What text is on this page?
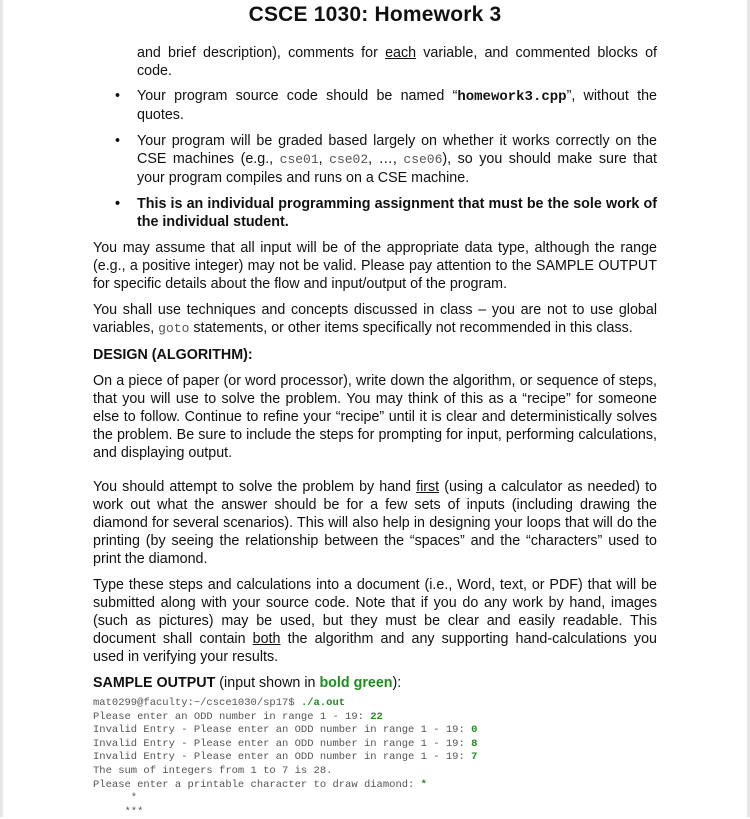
CSCE 1030: Homework 3

and brief description), comments for each variable, and commented blocks of code.

• Your program source code should be named “homework3.cpp”, without the quotes.

• Your program will be graded based largely on whether it works correctly on the CSE machines (e.g., cse01, cse02, …, cse06), so you should make sure that your program compiles and runs on a CSE machine.

• This is an individual programming assignment that must be the sole work of the individual student.

You may assume that all input will be of the appropriate data type, although the range (e.g., a positive integer) may not be valid. Please pay attention to the SAMPLE OUTPUT for specific details about the flow and input/output of the program.

You shall use techniques and concepts discussed in class – you are not to use global variables, goto statements, or other items specifically not recommended in this class.

DESIGN (ALGORITHM):

On a piece of paper (or word processor), write down the algorithm, or sequence of steps, that you will use to solve the problem. You may think of this as a “recipe” for someone else to follow. Continue to refine your “recipe” until it is clear and deterministically solves the problem. Be sure to include the steps for prompting for input, performing calculations, and displaying output.

You should attempt to solve the problem by hand first (using a calculator as needed) to work out what the answer should be for a few sets of inputs (including drawing the diamond for several scenarios). This will also help in designing your loops that will do the printing (by seeing the relationship between the “spaces” and the “characters” used to print the diamond.

Type these steps and calculations into a document (i.e., Word, text, or PDF) that will be submitted along with your source code. Note that if you do any work by hand, images (such as pictures) may be used, but they must be clear and easily readable. This document shall contain both the algorithm and any supporting hand-calculations you used in verifying your results.

SAMPLE OUTPUT (input shown in bold green):

mat0299@faculty:~/csce1030/sp17$ ./a.out
Please enter an ODD number in range 1 - 19: 22
Invalid Entry - Please enter an ODD number in range 1 - 19: 0
Invalid Entry - Please enter an ODD number in range 1 - 19: 8
Invalid Entry - Please enter an ODD number in range 1 - 19: 7
The sum of integers from 1 to 7 is 28.
Please enter a printable character to draw diamond: *
*
***
